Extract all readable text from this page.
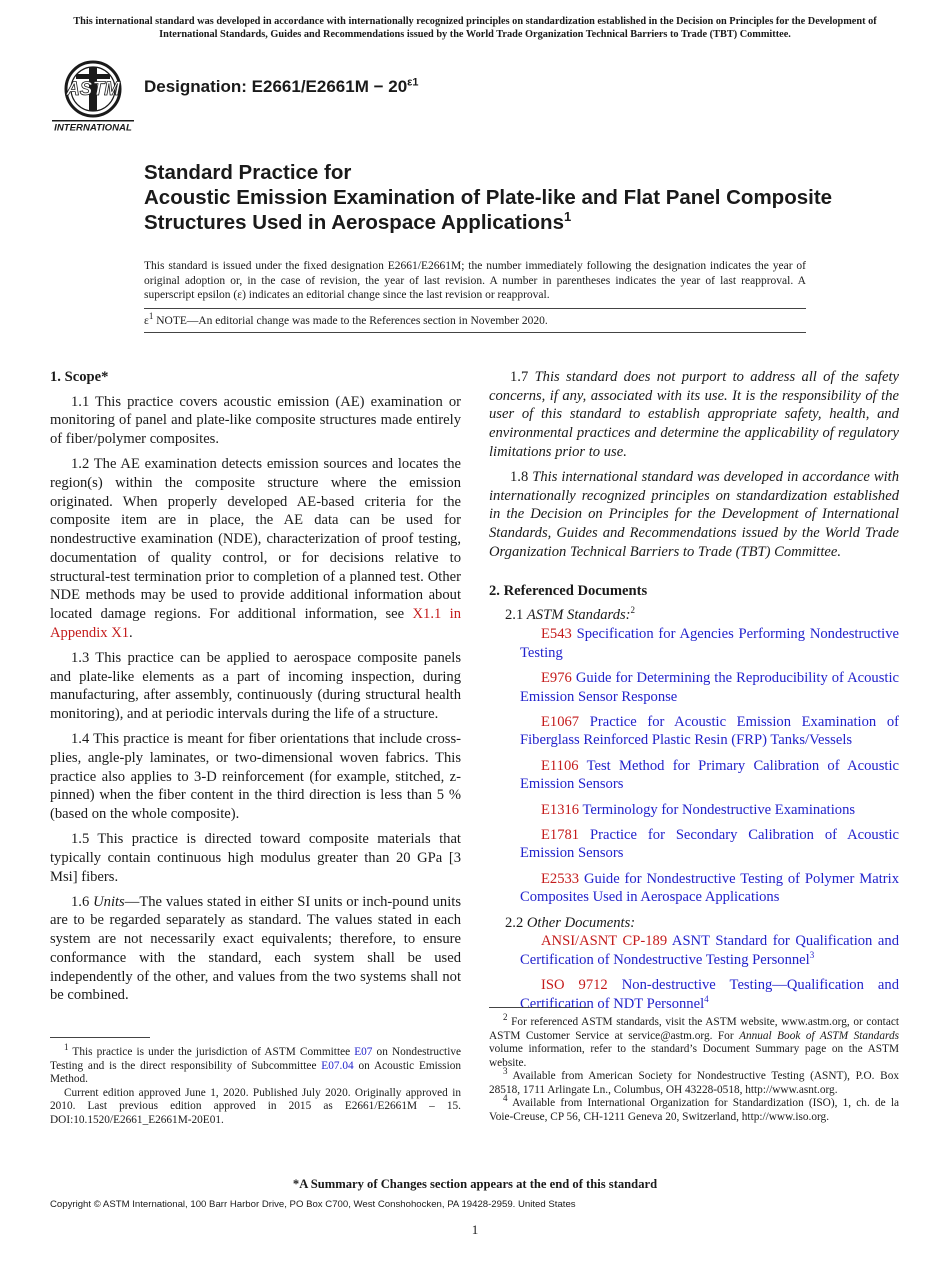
This international standard was developed in accordance with internationally recognized principles on standardization established in the Decision on Principles for the Development of International Standards, Guides and Recommendations issued by the World Trade Organization Technical Barriers to Trade (TBT) Committee.
ASTM
INTERNATIONAL
Designation: $E2661/E2661M - 20^{\varepsilon 1}$
Standard Practice for
Acoustic Emission Examination of Plate-like and Flat Panel Composite Structures Used in Aerospace Applications$^1$
This standard is issued under the fixed designation E2661/E2661M; the number immediately following the designation indicates the year of original adoption or, in the case of revision, the year of last revision. A number in parentheses indicates the year of last reapproval. A superscript epsilon (ε) indicates an editorial change since the last revision or reapproval.
$\varepsilon^1$ NOTE—An editorial change was made to the References section in November 2020.
1. Scope*

1.1 This practice covers acoustic emission (AE) examination or monitoring of panel and plate-like composite structures made entirely of fiber/polymer composites.

1.2 The AE examination detects emission sources and locates the region(s) within the composite structure where the emission originated. When properly developed AE-based criteria for the composite item are in place, the AE data can be used for nondestructive examination (NDE), characterization of proof testing, documentation of quality control, or for decisions relative to structural-test termination prior to completion of a planned test. Other NDE methods may be used to provide additional information about located damage regions. For additional information, see X1.1 in Appendix X1.

1.3 This practice can be applied to aerospace composite panels and plate-like elements as a part of incoming inspection, during manufacturing, after assembly, continuously (during structural health monitoring), and at periodic intervals during the life of a structure.

1.4 This practice is meant for fiber orientations that include cross-plies, angle-ply laminates, or two-dimensional woven fabrics. This practice also applies to 3-D reinforcement (for example, stitched, z-pinned) when the fiber content in the third direction is less than 5 % (based on the whole composite).

1.5 This practice is directed toward composite materials that typically contain continuous high modulus greater than 20 GPa [3 Msi] fibers.

1.6 Units—The values stated in either SI units or inch-pound units are to be regarded separately as standard. The values stated in each system are not necessarily exact equivalents; therefore, to ensure conformance with the standard, each system shall be used independently of the other, and values from the two systems shall not be combined.

1.7 This standard does not purport to address all of the safety concerns, if any, associated with its use. It is the responsibility of the user of this standard to establish appropriate safety, health, and environmental practices and determine the applicability of regulatory limitations prior to use.

1.8 This international standard was developed in accordance with internationally recognized principles on standardization established in the Decision on Principles for the Development of International Standards, Guides and Recommendations issued by the World Trade Organization Technical Barriers to Trade (TBT) Committee.

2. Referenced Documents
2.1 ASTM Standards:$^2$

E543 Specification for Agencies Performing Nondestructive Testing

E976 Guide for Determining the Reproducibility of Acoustic Emission Sensor Response

E1067 Practice for Acoustic Emission Examination of Fiberglass Reinforced Plastic Resin (FRP) Tanks/Vessels

E1106 Test Method for Primary Calibration of Acoustic Emission Sensors

E1316 Terminology for Nondestructive Examinations

E1781 Practice for Secondary Calibration of Acoustic Emission Sensors

E2533 Guide for Nondestructive Testing of Polymer Matrix Composites Used in Aerospace Applications

2.2 Other Documents:

ANSI/ASNT CP-189 ASNT Standard for Qualification and Certification of Nondestructive Testing Personnel$^3$

ISO 9712 Non-destructive Testing—Qualification and Certification of NDT Personnel$^4$

$^1$ This practice is under the jurisdiction of ASTM Committee E07 on Nondestructive Testing and is the direct responsibility of Subcommittee E07.04 on Acoustic Emission Method.

Current edition approved June 1, 2020. Published July 2020. Originally approved in 2010. Last previous edition approved in 2015 as E2661/E2661M – 15. DOI:10.1520/E2661_E2661M-20E01.

$^2$ For referenced ASTM standards, visit the ASTM website, www.astm.org, or contact ASTM Customer Service at service@astm.org. For Annual Book of ASTM Standards volume information, refer to the standard’s Document Summary page on the ASTM website.

$^3$ Available from American Society for Nondestructive Testing (ASNT), P.O. Box 28518, 1711 Arlingate Ln., Columbus, OH 43228-0518, http://www.asnt.org.

$^4$ Available from International Organization for Standardization (ISO), 1, ch. de la Voie-Creuse, CP 56, CH-1211 Geneva 20, Switzerland, http://www.iso.org.

*A Summary of Changes section appears at the end of this standard
Copyright © ASTM International, 100 Barr Harbor Drive, PO Box C700, West Conshohocken, PA 19428-2959. United States
1
